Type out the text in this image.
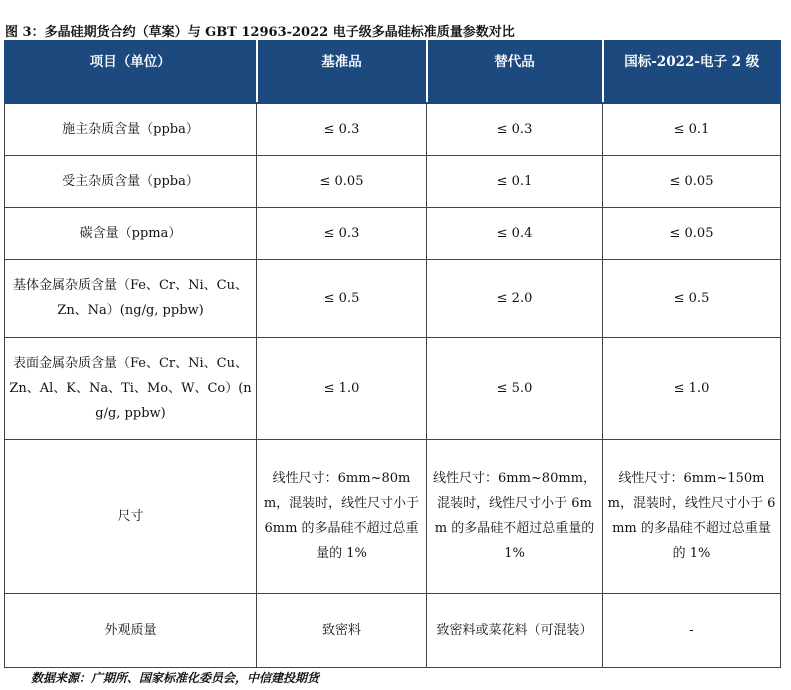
图 3：多晶硅期货合约（草案）与 GBT 12963-2022 电子级多晶硅标准质量参数对比
项目（单位）	基准品	替代品	国标-2022-电子 2 级
施主杂质含量（ppba）	≤ 0.3	≤ 0.3	≤ 0.1
受主杂质含量（ppba）	≤ 0.05	≤ 0.1	≤ 0.05
碳含量（ppma）	≤ 0.3	≤ 0.4	≤ 0.05
基体金属杂质含量（Fe、Cr、Ni、Cu、Zn、Na）(ng/g, ppbw)	≤ 0.5	≤ 2.0	≤ 0.5
表面金属杂质含量（Fe、Cr、Ni、Cu、Zn、Al、K、Na、Ti、Mo、W、Co）(ng/g, ppbw)	≤ 1.0	≤ 5.0	≤ 1.0
尺寸	线性尺寸：6mm~80mm，混装时，线性尺寸小于6mm 的多晶硅不超过总重量的 1%	线性尺寸：6mm~80mm，混装时，线性尺寸小于 6mm 的多晶硅不超过总重量的 1%	线性尺寸：6mm~150mm，混装时，线性尺寸小于 6mm 的多晶硅不超过总重量的 1%
外观质量	致密料	致密料或菜花料（可混装）	-
数据来源：广期所、国家标准化委员会，中信建投期货
